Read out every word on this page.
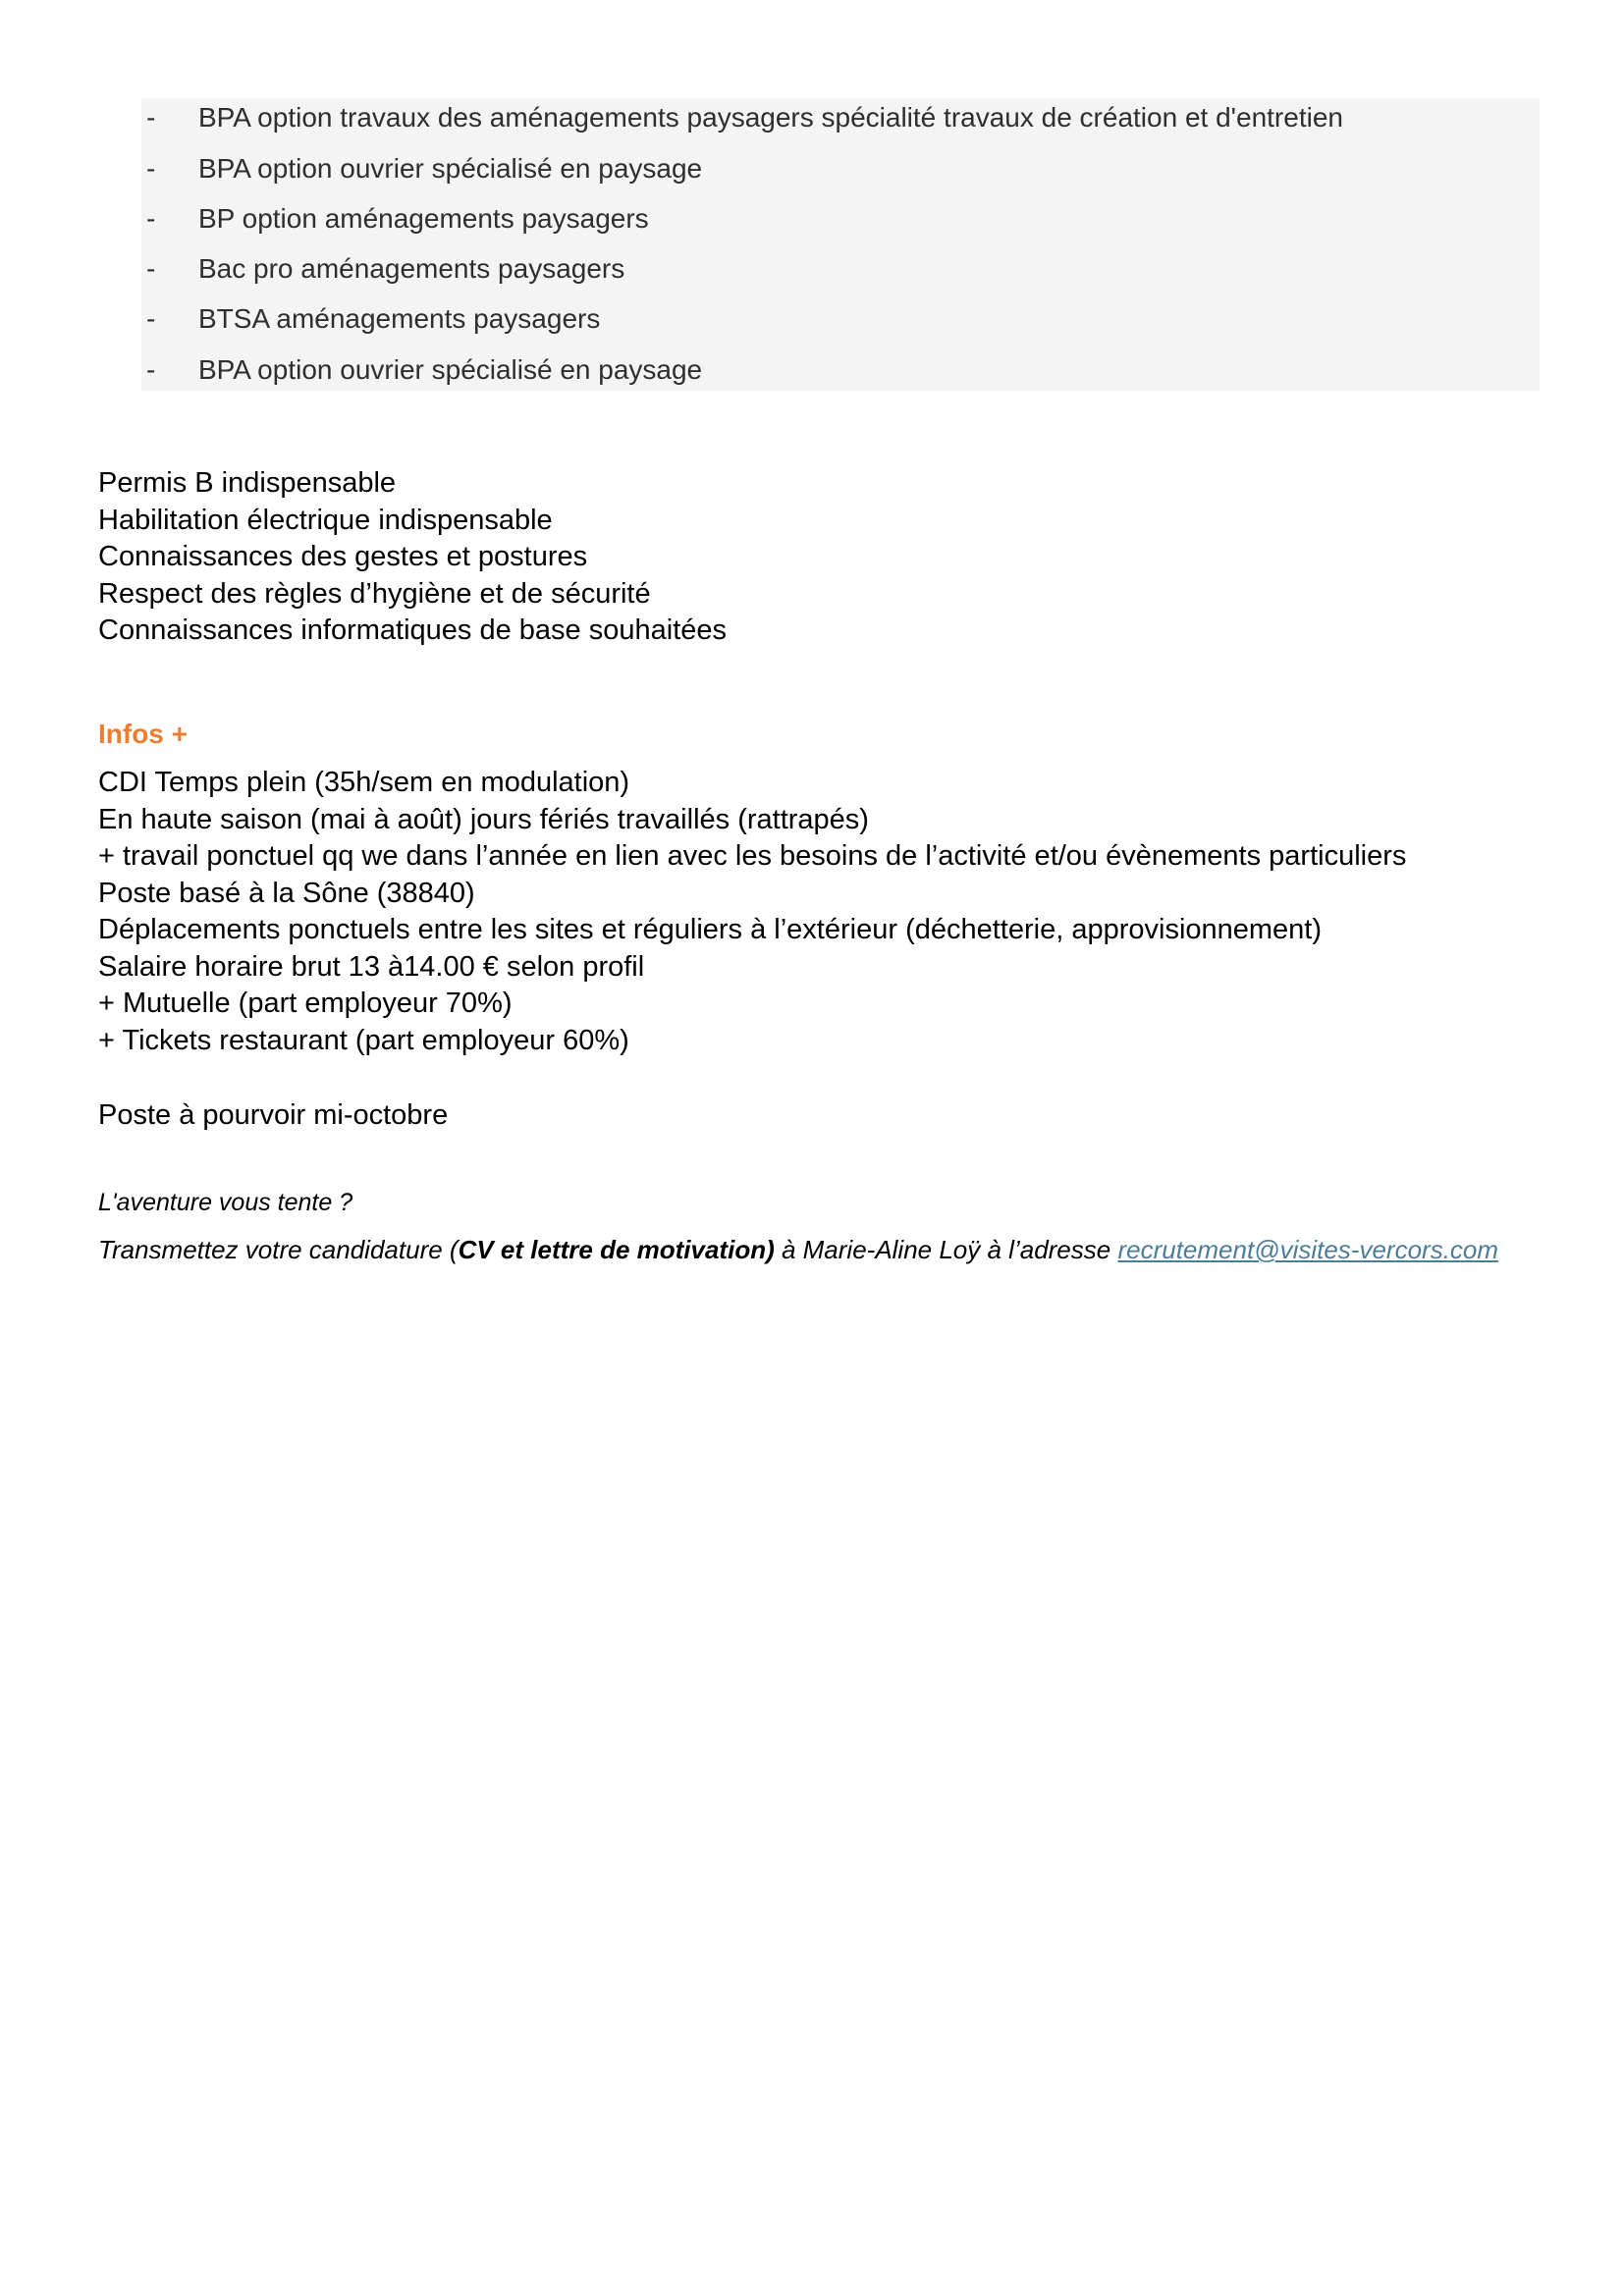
- BPA option travaux des aménagements paysagers spécialité travaux de création et d'entretien
- BPA option ouvrier spécialisé en paysage
- BP option aménagements paysagers
- Bac pro aménagements paysagers
- BTSA aménagements paysagers
- BPA option ouvrier spécialisé en paysage
Permis B indispensable
Habilitation électrique indispensable
Connaissances des gestes et postures
Respect des règles d’hygiène et de sécurité
Connaissances informatiques de base souhaitées
Infos +
CDI Temps plein (35h/sem en modulation)
En haute saison (mai à août) jours fériés travaillés (rattrapés)
+ travail ponctuel qq we dans l’année en lien avec les besoins de l’activité et/ou évènements particuliers
Poste basé à la Sône (38840)
Déplacements ponctuels entre les sites et réguliers à l’extérieur (déchetterie, approvisionnement)
Salaire horaire brut 13 à14.00 € selon profil
+ Mutuelle (part employeur 70%)
+ Tickets restaurant (part employeur 60%)

Poste à pourvoir mi-octobre

L'aventure vous tente ?

Transmettez votre candidature (CV et lettre de motivation) à Marie-Aline Loÿ à l’adresse recrutement@visites-vercors.com
